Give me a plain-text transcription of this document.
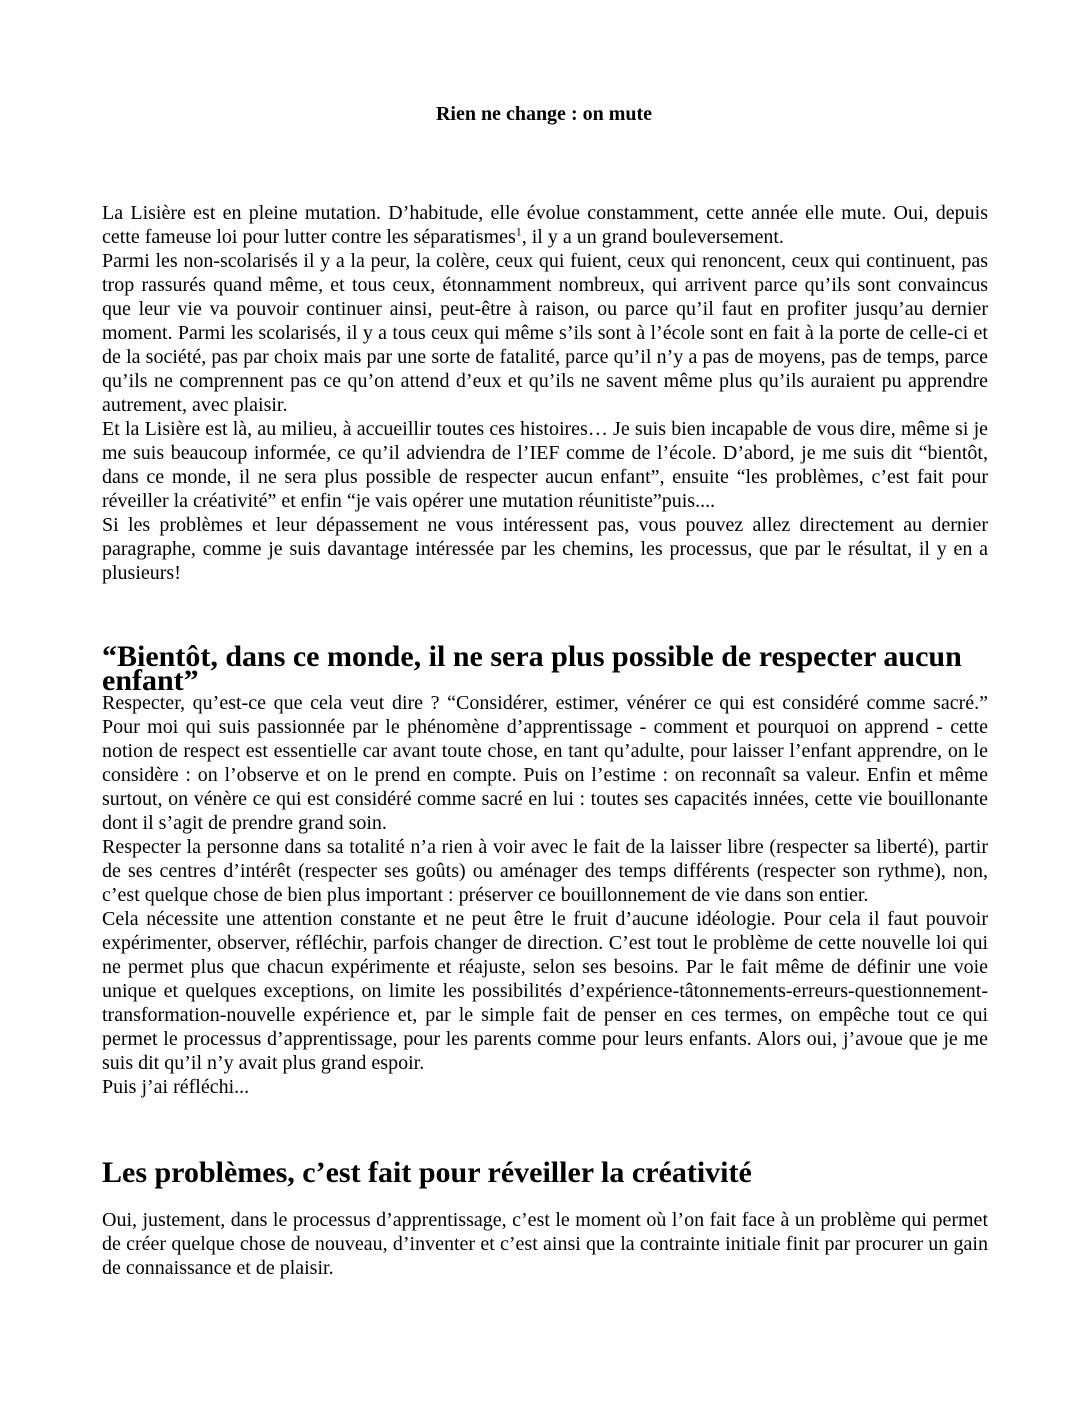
Rien ne change : on mute

La Lisière est en pleine mutation. D’habitude, elle évolue constamment, cette année elle mute. Oui, depuis cette fameuse loi pour lutter contre les séparatismes$^1$, il y a un grand bouleversement.

Parmi les non-scolarisés il y a la peur, la colère, ceux qui fuient, ceux qui renoncent, ceux qui continuent, pas trop rassurés quand même, et tous ceux, étonnamment nombreux, qui arrivent parce qu’ils sont convaincus que leur vie va pouvoir continuer ainsi, peut-être à raison, ou parce qu’il faut en profiter jusqu’au dernier moment. Parmi les scolarisés, il y a tous ceux qui même s’ils sont à l’école sont en fait à la porte de celle-ci et de la société, pas par choix mais par une sorte de fatalité, parce qu’il n’y a pas de moyens, pas de temps, parce qu’ils ne comprennent pas ce qu’on attend d’eux et qu’ils ne savent même plus qu’ils auraient pu apprendre autrement, avec plaisir.

Et la Lisière est là, au milieu, à accueillir toutes ces histoires… Je suis bien incapable de vous dire, même si je me suis beaucoup informée, ce qu’il adviendra de l’IEF comme de l’école. D’abord, je me suis dit “bientôt, dans ce monde, il ne sera plus possible de respecter aucun enfant”, ensuite “les problèmes, c’est fait pour réveiller la créativité” et enfin “je vais opérer une mutation réunitiste”puis....

Si les problèmes et leur dépassement ne vous intéressent pas, vous pouvez allez directement au dernier paragraphe, comme je suis davantage intéressée par les chemins, les processus, que par le résultat, il y en a plusieurs!

“Bientôt, dans ce monde, il ne sera plus possible de respecter aucun enfant”

Respecter, qu’est-ce que cela veut dire ? “Considérer, estimer, vénérer ce qui est considéré comme sacré.” Pour moi qui suis passionnée par le phénomène d’apprentissage - comment et pourquoi on apprend - cette notion de respect est essentielle car avant toute chose, en tant qu’adulte, pour laisser l’enfant apprendre, on le considère : on l’observe et on le prend en compte. Puis on l’estime : on reconnaît sa valeur. Enfin et même surtout, on vénère ce qui est considéré comme sacré en lui : toutes ses capacités innées, cette vie bouillonante dont il s’agit de prendre grand soin.

Respecter la personne dans sa totalité n’a rien à voir avec le fait de la laisser libre (respecter sa liberté), partir de ses centres d’intérêt (respecter ses goûts) ou aménager des temps différents (respecter son rythme), non, c’est quelque chose de bien plus important : préserver ce bouillonnement de vie dans son entier.

Cela nécessite une attention constante et ne peut être le fruit d’aucune idéologie. Pour cela il faut pouvoir expérimenter, observer, réfléchir, parfois changer de direction. C’est tout le problème de cette nouvelle loi qui ne permet plus que chacun expérimente et réajuste, selon ses besoins. Par le fait même de définir une voie unique et quelques exceptions, on limite les possibilités d’expérience-tâtonnements-erreurs-questionnement-transformation-nouvelle expérience et, par le simple fait de penser en ces termes, on empêche tout ce qui permet le processus d’apprentissage, pour les parents comme pour leurs enfants. Alors oui, j’avoue que je me suis dit qu’il n’y avait plus grand espoir.

Puis j’ai réfléchi...

Les problèmes, c’est fait pour réveiller la créativité

Oui, justement, dans le processus d’apprentissage, c’est le moment où l’on fait face à un problème qui permet de créer quelque chose de nouveau, d’inventer et c’est ainsi que la contrainte initiale finit par procurer un gain de connaissance et de plaisir.
